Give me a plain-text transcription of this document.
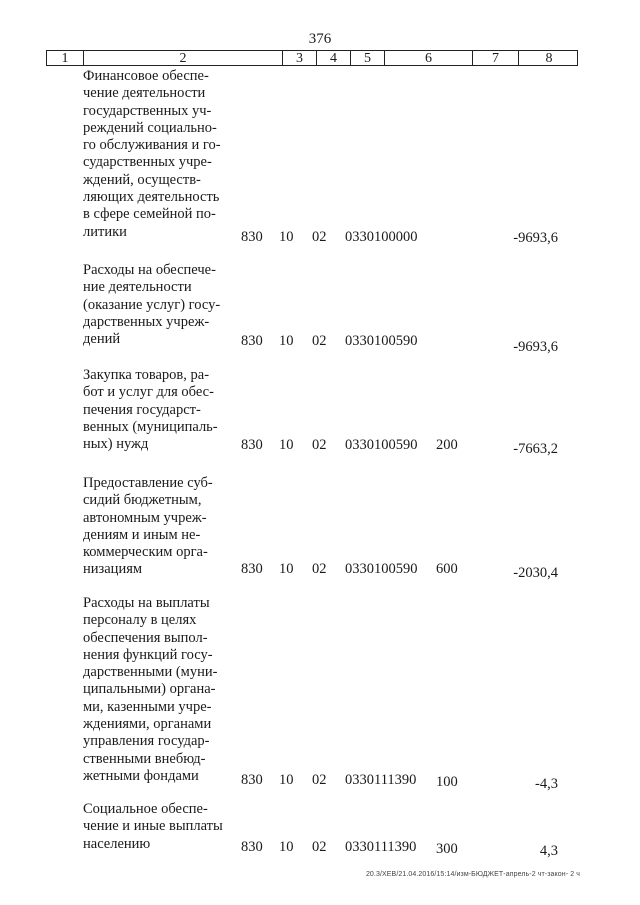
376
1	2	3	4	5	6	7	8
Финансовое обеспе-
чение деятельности
государственных уч-
реждений социально-
го обслуживания и го-
сударственных учре-
ждений, осуществ-
ляющих деятельность
в сфере семейной по-
литики	830 10 02 0330100000	-9693,6
Расходы на обеспече-
ние деятельности
(оказание услуг) госу-
дарственных учреж-
дений	830 10 02 0330100590	-9693,6
Закупка товаров, ра-
бот и услуг для обес-
печения государст-
венных (муниципаль-
ных) нужд	830 10 02 0330100590 200	-7663,2
Предоставление суб-
сидий бюджетным,
автономным учреж-
дениям и иным не-
коммерческим орга-
низациям	830 10 02 0330100590 600	-2030,4
Расходы на выплаты
персоналу в целях
обеспечения выпол-
нения функций госу-
дарственными (муни-
ципальными) органа-
ми, казенными учре-
ждениями, органами
управления государ-
ственными внебюд-
жетными фондами	830 10 02 0330111390 100	-4,3
Социальное обеспе-
чение и иные выплаты
населению	830 10 02 0330111390 300	4,3
20.3/XEB/21.04.2016/15:14/изм-БЮДЖЕТ-апрель-2 чт-закон- 2 ч
